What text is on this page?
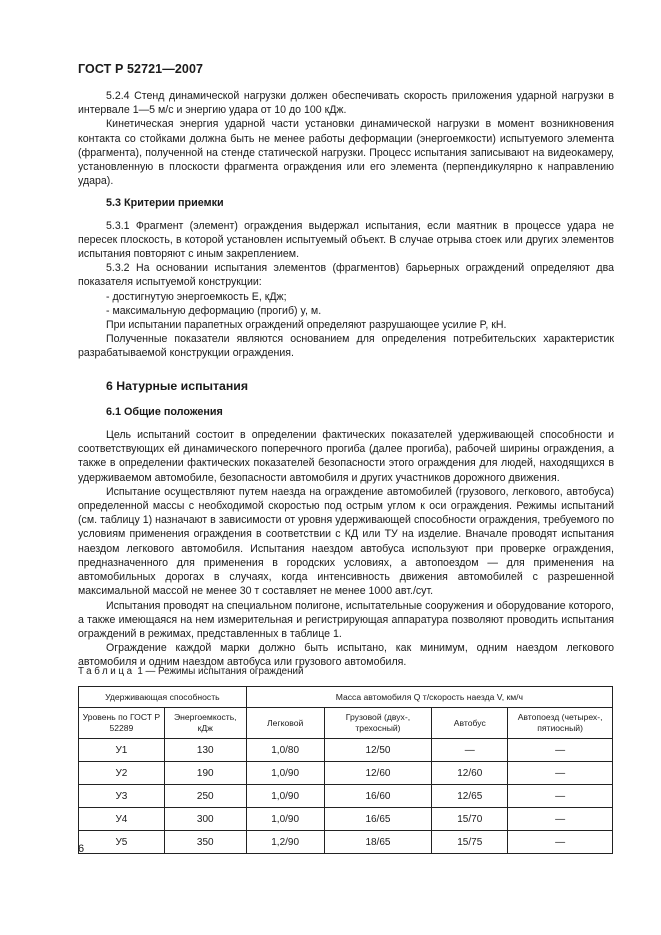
ГОСТ Р 52721—2007

5.2.4 Стенд динамической нагрузки должен обеспечивать скорость приложения ударной нагрузки в интервале 1—5 м/с и энергию удара от 10 до 100 кДж.

Кинетическая энергия ударной части установки динамической нагрузки в момент возникновения контакта со стойками должна быть не менее работы деформации (энергоемкости) испытуемого элемента (фрагмента), полученной на стенде статической нагрузки. Процесс испытания записывают на видеокамеру, установленную в плоскости фрагмента ограждения или его элемента (перпендикулярно к направлению удара).

5.3 Критерии приемки

5.3.1 Фрагмент (элемент) ограждения выдержал испытания, если маятник в процессе удара не пересек плоскость, в которой установлен испытуемый объект. В случае отрыва стоек или других элементов испытания повторяют с иным закреплением.

5.3.2 На основании испытания элементов (фрагментов) барьерных ограждений определяют два показателя испытуемой конструкции:

- достигнутую энергоемкость E, кДж;

- максимальную деформацию (прогиб) y, м.

При испытании парапетных ограждений определяют разрушающее усилие P, кН.

Полученные показатели являются основанием для определения потребительских характеристик разрабатываемой конструкции ограждения.

6 Натурные испытания
6.1 Общие положения

Цель испытаний состоит в определении фактических показателей удерживающей способности и соответствующих ей динамического поперечного прогиба (далее прогиба), рабочей ширины ограждения, а также в определении фактических показателей безопасности этого ограждения для людей, находящихся в удерживаемом автомобиле, безопасности автомобиля и других участников дорожного движения.

Испытание осуществляют путем наезда на ограждение автомобилей (грузового, легкового, автобуса) определенной массы с необходимой скоростью под острым углом к оси ограждения. Режимы испытаний (см. таблицу 1) назначают в зависимости от уровня удерживающей способности ограждения, требуемого по условиям применения ограждения в соответствии с КД или ТУ на изделие. Вначале проводят испытания наездом легкового автомобиля. Испытания наездом автобуса используют при проверке ограждения, предназначенного для применения в городских условиях, а автопоездом — для применения на автомобильных дорогах в случаях, когда интенсивность движения автомобилей с разрешенной максимальной массой не менее 30 т составляет не менее 1000 авт./сут.

Испытания проводят на специальном полигоне, испытательные сооружения и оборудование которого, а также имеющаяся на нем измерительная и регистрирующая аппаратура позволяют проводить испытания ограждений в режимах, представленных в таблице 1.

Ограждение каждой марки должно быть испытано, как минимум, одним наездом легкового автомобиля и одним наездом автобуса или грузового автомобиля.

Таблица 1 — Режимы испытания ограждений
Удерживающая способность		Масса автомобиля Q т/скорость наезда V, км/ч			
Уровень по ГОСТ Р 52289	Энергоемкость, кДж	Легковой	Грузовой (двух-, трехосный)	Автобус	Автопоезд (четырех-, пятиосный)
У1	130	1,0/80	12/50	—	—
У2	190	1,0/90	12/60	12/60	—
У3	250	1,0/90	16/60	12/65	—
У4	300	1,0/90	16/65	15/70	—
У5	350	1,2/90	18/65	15/75	—
6
